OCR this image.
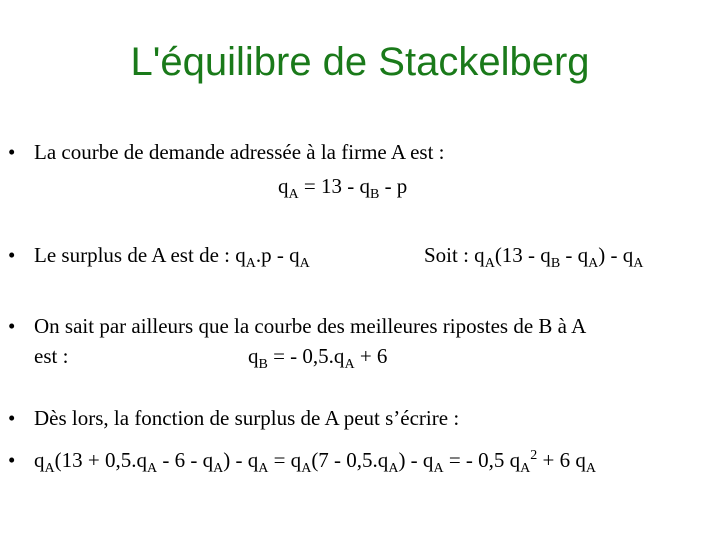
L'équilibre de Stackelberg
• La courbe de demande adressée à la firme A est :
$q_A = 13 - q_B - p$
• Le surplus de A est de : $q_A.p - q_A$	Soit : $q_A(13 - q_B - q_A) - q_A$
• On sait par ailleurs que la courbe des meilleures ripostes de B à A
est :	$q_B$ = - $0,5.q_A + 6$
• Dès lors, la fonction de surplus de A peut s’écrire :
• $q_A(13 + 0,5.q_A - 6 - q_A) - q_A = q_A(7 - 0,5.q_A) - q_A$ = - 0,5 $q_A^2 + 6$ $q_A$
